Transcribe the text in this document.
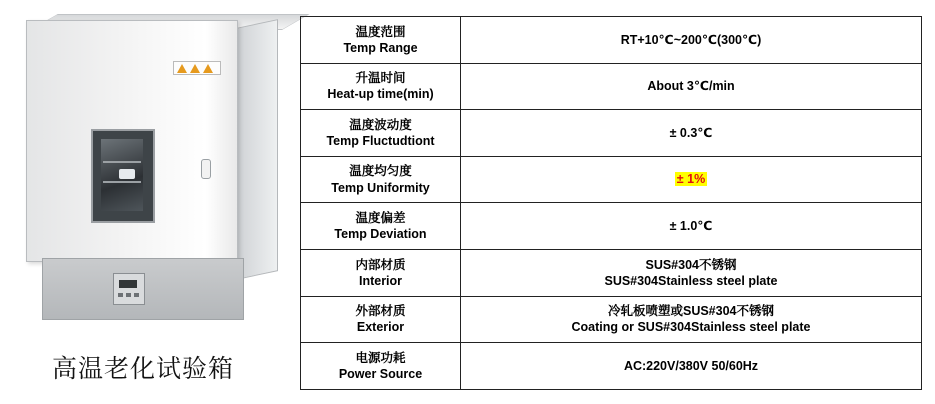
高温老化试验箱
温度范围
Temp Range	RT+10℃~200℃(300℃)

升温时间
Heat-up time(min)	About 3℃/min

温度波动度
Temp Fluctudtiont	± 0.3℃

温度均匀度
Temp Uniformity	± 1%

温度偏差
Temp Deviation	± 1.0℃

内部材质
Interior	SUS#304不锈钢
SUS#304Stainless steel plate

外部材质
Exterior	冷轧板喷塑或SUS#304不锈钢
Coating or SUS#304Stainless steel plate

电源功耗
Power Source	AC:220V/380V 50/60Hz
